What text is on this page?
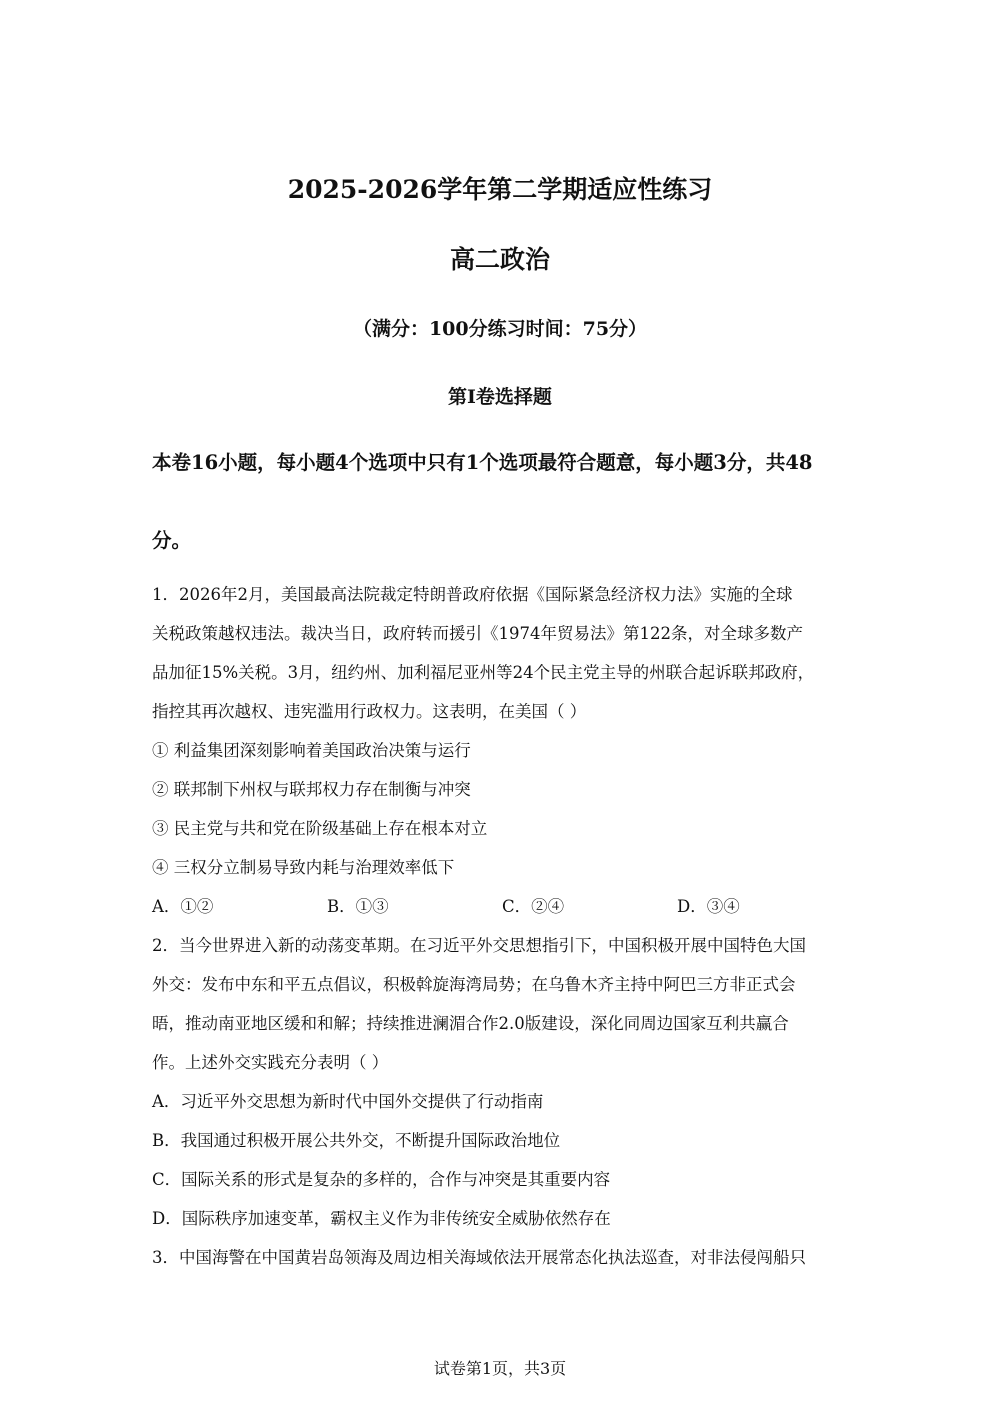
2025-2026学年第二学期适应性练习
高二政治
（满分：100分练习时间：75分）
第I卷选择题
本卷16小题，每小题4个选项中只有1个选项最符合题意，每小题3分，共48
分。
1．2026年2月，美国最高法院裁定特朗普政府依据《国际紧急经济权力法》实施的全球
关税政策越权违法。裁决当日，政府转而援引《1974年贸易法》第122条，对全球多数产
品加征15%关税。3月，纽约州、加利福尼亚州等24个民主党主导的州联合起诉联邦政府，
指控其再次越权、违宪滥用行政权力。这表明，在美国（ ）
① 利益集团深刻影响着美国政治决策与运行
② 联邦制下州权与联邦权力存在制衡与冲突
③ 民主党与共和党在阶级基础上存在根本对立
④ 三权分立制易导致内耗与治理效率低下
A．①②	B．①③	C．②④	D．③④
2．当今世界进入新的动荡变革期。在习近平外交思想指引下，中国积极开展中国特色大国
外交：发布中东和平五点倡议，积极斡旋海湾局势；在乌鲁木齐主持中阿巴三方非正式会
晤，推动南亚地区缓和和解；持续推进澜湄合作2.0版建设，深化同周边国家互利共赢合
作。上述外交实践充分表明（ ）
A．习近平外交思想为新时代中国外交提供了行动指南
B．我国通过积极开展公共外交，不断提升国际政治地位
C．国际关系的形式是复杂的多样的，合作与冲突是其重要内容
D．国际秩序加速变革，霸权主义作为非传统安全威胁依然存在
3．中国海警在中国黄岩岛领海及周边相关海域依法开展常态化执法巡查，对非法侵闯船只
试卷第1页，共3页
